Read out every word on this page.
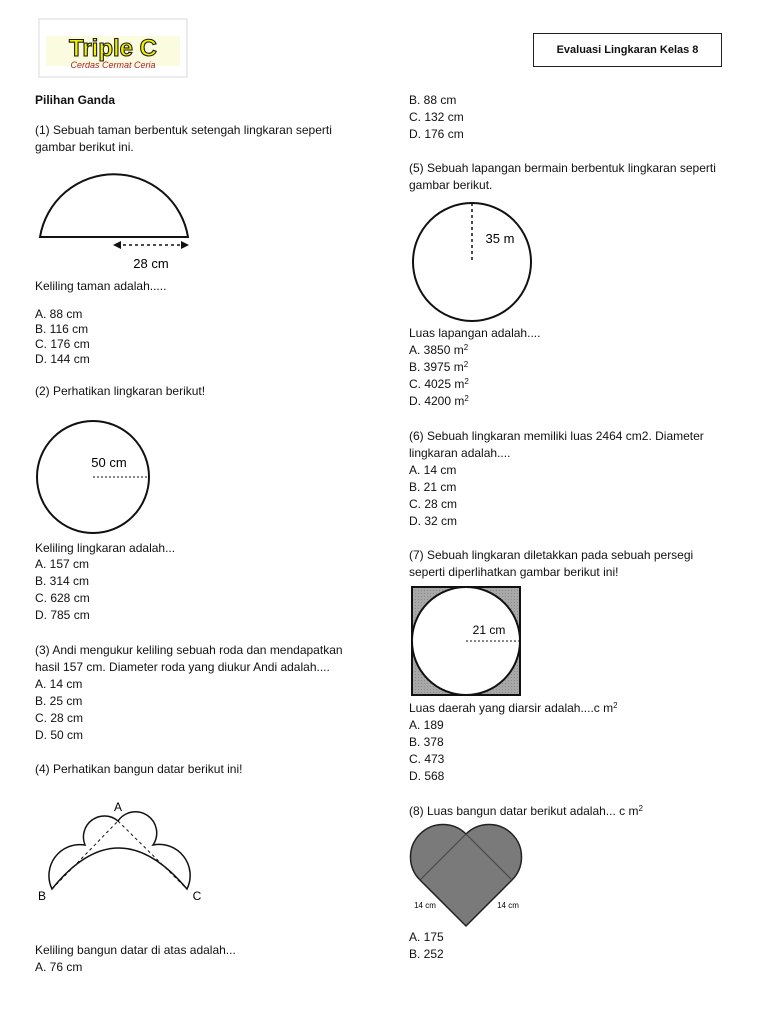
Triple C
Cerdas Cermat Ceria
Evaluasi Lingkaran Kelas 8
Pilihan Ganda
(1) Sebuah taman berbentuk setengah lingkaran seperti
gambar berikut ini.
28 cm
Keliling taman adalah.....
A. 88 cm
B. 116 cm
C. 176 cm
D. 144 cm
(2) Perhatikan lingkaran berikut!
50 cm
Keliling lingkaran adalah...
A. 157 cm
B. 314 cm
C. 628 cm
D. 785 cm
(3) Andi mengukur keliling sebuah roda dan mendapatkan
hasil 157 cm. Diameter roda yang diukur Andi adalah....
A. 14 cm
B. 25 cm
C. 28 cm
D. 50 cm
(4) Perhatikan bangun datar berikut ini!
A
B	C
Keliling bangun datar di atas adalah...
A. 76 cm
B. 88 cm
C. 132 cm
D. 176 cm
(5) Sebuah lapangan bermain berbentuk lingkaran seperti
gambar berikut.
35 m
Luas lapangan adalah....
A. 3850 $m^2$
B. 3975 $m^2$
C. 4025 $m^2$
D. 4200 $m^2$
(6) Sebuah lingkaran memiliki luas 2464 cm2. Diameter
lingkaran adalah....
A. 14 cm
B. 21 cm
C. 28 cm
D. 32 cm
(7) Sebuah lingkaran diletakkan pada sebuah persegi
seperti diperlihatkan gambar berikut ini!
21 cm
Luas daerah yang diarsir adalah....c $m^2$
A. 189
B. 378
C. 473
D. 568
(8) Luas bangun datar berikut adalah... c $m^2$
14 cm	14 cm
A. 175
B. 252
